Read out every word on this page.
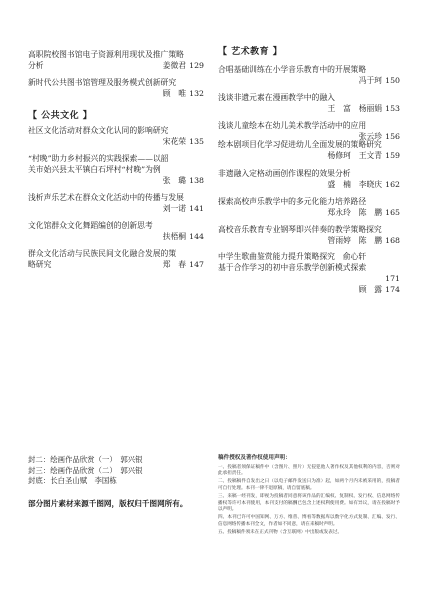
高职院校图书馆电子资源利用现状及推广策略
分析	姜微君 129
新时代公共图书馆管理及服务模式创新研究
顾　唯 132
【 公共文化 】
社区文化活动对群众文化认同的影响研究
宋花荣 135
“村晚”助力乡村振兴的实践探索——以韶
关市始兴县太平镇白石坪村“村晚”为例
张　璐 138
浅析声乐艺术在群众文化活动中的传播与发展
刘一诺 141
文化馆群众文化舞蹈编创的创新思考
扶梧桐 144
群众文化活动与民族民间文化融合发展的策
略研究	郑　春 147
【 艺术教育 】
合唱基础训练在小学音乐教育中的开展策略
冯于珂 150
浅谈非遗元素在漫画教学中的融入
王　富　杨丽娟 153
浅谈儿童绘本在幼儿美术教学活动中的应用
张云珍 156
绘本剧项目化学习促进幼儿全面发展的策略研究
杨修珂　王文青 159
非遗融入定格动画创作课程的效果分析
盛　楠　李晓庆 162
探索高校声乐教学中的多元化能力培养路径
郑永玲　陈　鹏 165
高校音乐教育专业钢琴即兴伴奏的教学策略探究
管雨婷　陈　鹏 168
中学生歌曲鉴赏能力提升策略探究　俞心轩
基于合作学习的初中音乐教学创新模式探索
171
顾　露 174
封二：绘画作品欣赏（一）　郭兴银
封三：绘画作品欣赏（二）　郭兴银
封底：长白圣山赋　李国栋
部分图片素材来源千图网，版权归千图网所有。
稿件授权及著作权使用声明：
一、投稿者须保证稿件中（含图片、照片）无侵犯他人著作权及其他权利的内容，否则对此承担责任。
二、投稿稿件自发出之日（以电子邮件发送日为准）起，如两个月内未被采用的，投稿者可自行处理。本刊一律不退原稿，请自留底稿。
三、来稿一经刊发，即视为投稿者同意将该作品的汇编权、复制权、发行权、信息网络传播权等许可本刊使用，本刊支付的稿酬已包含上述权利使用费。如有异议，请在投稿时予以声明。
四、本刊已许可中国知网、万方、维普、博看等数据库以数字化方式复制、汇编、发行、信息网络传播本刊全文，作者如不同意，请在来稿时声明。
五、投稿稿件须未在正式刊物（含互联网）中出版或发表过。
